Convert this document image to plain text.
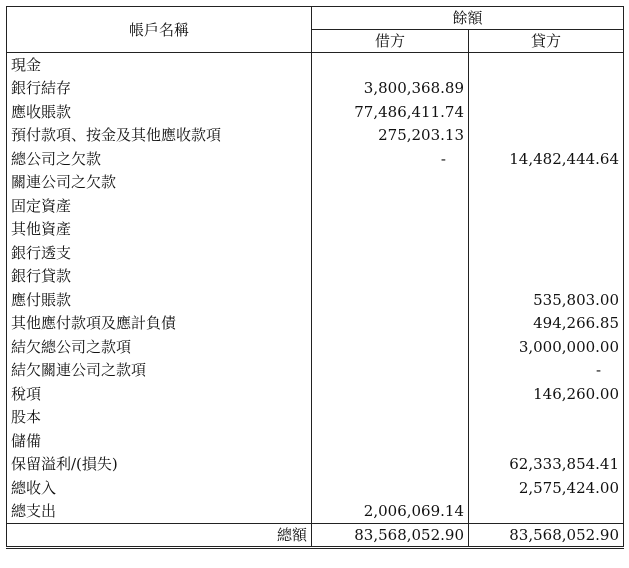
帳戶名稱	餘額	
	借方	貸方
現金		
銀行結存	3,800,368.89	
應收賬款	77,486,411.74	
預付款項、按金及其他應收款項	275,203.13	
總公司之欠款	-	14,482,444.64
關連公司之欠款		
固定資產		
其他資產		
銀行透支		
銀行貸款		
應付賬款		535,803.00
其他應付款項及應計負債		494,266.85
結欠總公司之款項		3,000,000.00
結欠關連公司之款項		-
稅項		146,260.00
股本		
儲備		
保留溢利/(損失)		62,333,854.41
總收入		2,575,424.00
總支出	2,006,069.14	
總額	83,568,052.90	83,568,052.90
